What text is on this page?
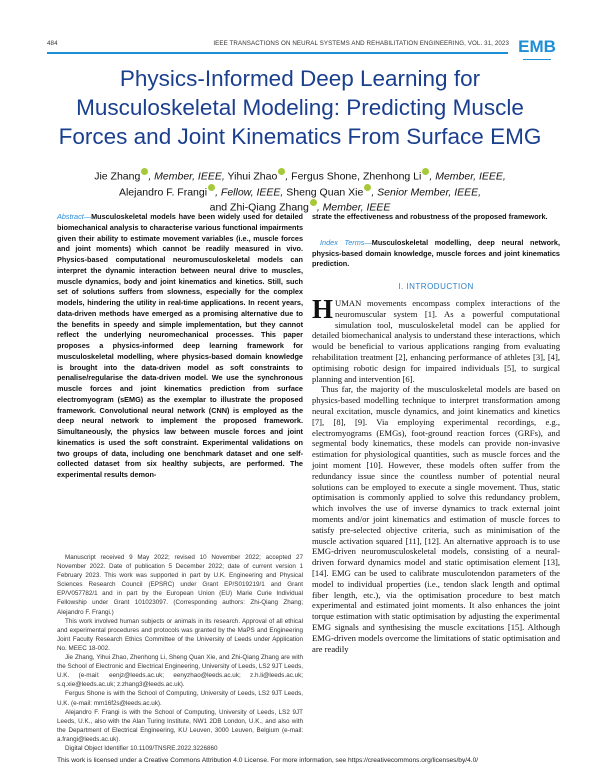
484	IEEE TRANSACTIONS ON NEURAL SYSTEMS AND REHABILITATION ENGINEERING, VOL. 31, 2023 EMB
Physics-Informed Deep Learning for
Musculoskeletal Modeling: Predicting Muscle
Forces and Joint Kinematics From Surface EMG
Jie Zhang , Member, IEEE, Yihui Zhao , Fergus Shone, Zhenhong Li , Member, IEEE,
Alejandro F. Frangi , Fellow, IEEE, Sheng Quan Xie , Senior Member, IEEE,
and Zhi-Qiang Zhang , Member, IEEE
Abstract—Musculoskeletal models have been widely used for detailed biomechanical analysis to characterise various functional impairments given their ability to estimate movement variables (i.e., muscle forces and joint moments) which cannot be readily measured in vivo. Physics-based computational neuromusculoskeletal models can interpret the dynamic interaction between neural drive to muscles, muscle dynamics, body and joint kinematics and kinetics. Still, such set of solutions suffers from slowness, especially for the complex models, hindering the utility in real-time applications. In recent years, data-driven methods have emerged as a promising alternative due to the benefits in speedy and simple implementation, but they cannot reflect the underlying neuromechanical processes. This paper proposes a physics-informed deep learning framework for musculoskeletal modelling, where physics-based domain knowledge is brought into the data-driven model as soft constraints to penalise/regularise the data-driven model. We use the synchronous muscle forces and joint kinematics prediction from surface electromyogram (sEMG) as the exemplar to illustrate the proposed framework. Convolutional neural network (CNN) is employed as the deep neural network to implement the proposed framework. Simultaneously, the physics law between muscle forces and joint kinematics is used the soft constraint. Experimental validations on two groups of data, including one benchmark dataset and one self-collected dataset from six healthy subjects, are performed. The experimental results demon-

Manuscript received 9 May 2022; revised 10 November 2022; accepted 27 November 2022. Date of publication 5 December 2022; date of current version 1 February 2023. This work was supported in part by U.K. Engineering and Physical Sciences Research Council (EPSRC) under Grant EP/S019219/1 and Grant EP/V057782/1 and in part by the European Union (EU) Marie Curie Individual Fellowship under Grant 101023097. (Corresponding authors: Zhi-Qiang Zhang; Alejandro F. Frangi.)

This work involved human subjects or animals in its research. Approval of all ethical and experimental procedures and protocols was granted by the MaPS and Engineering Joint Faculty Research Ethics Committee of the University of Leeds under Application No. MEEC 18-002.

Jie Zhang, Yihui Zhao, Zhenhong Li, Sheng Quan Xie, and Zhi-Qiang Zhang are with the School of Electronic and Electrical Engineering, University of Leeds, LS2 9JT Leeds, U.K. (e-mail: eenjz@leeds.ac.uk; eenyzhao@leeds.ac.uk; z.h.li@leeds.ac.uk; s.q.xie@leeds.ac.uk; z.zhang3@leeds.ac.uk).

Fergus Shone is with the School of Computing, University of Leeds, LS2 9JT Leeds, U.K. (e-mail: mm16f2s@leeds.ac.uk).

Alejandro F. Frangi is with the School of Computing, University of Leeds, LS2 9JT Leeds, U.K., also with the Alan Turing Institute, NW1 2DB London, U.K., and also with the Department of Electrical Engineering, KU Leuven, 3000 Leuven, Belgium (e-mail: a.frangi@leeds.ac.uk).

Digital Object Identifier 10.1109/TNSRE.2022.3226860

strate the effectiveness and robustness of the proposed framework.
Index Terms—Musculoskeletal modelling, deep neural network, physics-based domain knowledge, muscle forces and joint kinematics prediction.
I. INTRODUCTION

HUMAN movements encompass complex interactions of the neuromuscular system [1]. As a powerful computational simulation tool, musculoskeletal model can be applied for detailed biomechanical analysis to understand these interactions, which would be beneficial to various applications ranging from evaluating rehabilitation treatment [2], enhancing performance of athletes [3], [4], optimising robotic design for impaired individuals [5], to surgical planning and intervention [6].

Thus far, the majority of the musculoskeletal models are based on physics-based modelling technique to interpret transformation among neural excitation, muscle dynamics, and joint kinematics and kinetics [7], [8], [9]. Via employing experimental recordings, e.g., electromyograms (EMGs), foot-ground reaction forces (GRFs), and segmental body kinematics, these models can provide non-invasive estimation for physiological quantities, such as muscle forces and the joint moment [10]. However, these models often suffer from the redundancy issue since the countless number of potential neural solutions can be employed to execute a single movement. Thus, static optimisation is commonly applied to solve this redundancy problem, which involves the use of inverse dynamics to track external joint moments and/or joint kinematics and estimation of muscle forces to satisfy pre-selected objective criteria, such as minimisation of the muscle activation squared [11], [12]. An alternative approach is to use EMG-driven neuromusculoskeletal models, consisting of a neural-driven forward dynamics model and static optimisation element [13], [14]. EMG can be used to calibrate musculotendon parameters of the model to individual properties (i.e., tendon slack length and optimal fiber length, etc.), via the optimisation procedure to best match experimental and estimated joint moments. It also enhances the joint torque estimation with static optimisation by adjusting the experimental EMG signals and synthesising the muscle excitations [15]. Although EMG-driven models overcome the limitations of static optimisation and are readily

This work is licensed under a Creative Commons Attribution 4.0 License. For more information, see https://creativecommons.org/licenses/by/4.0/
